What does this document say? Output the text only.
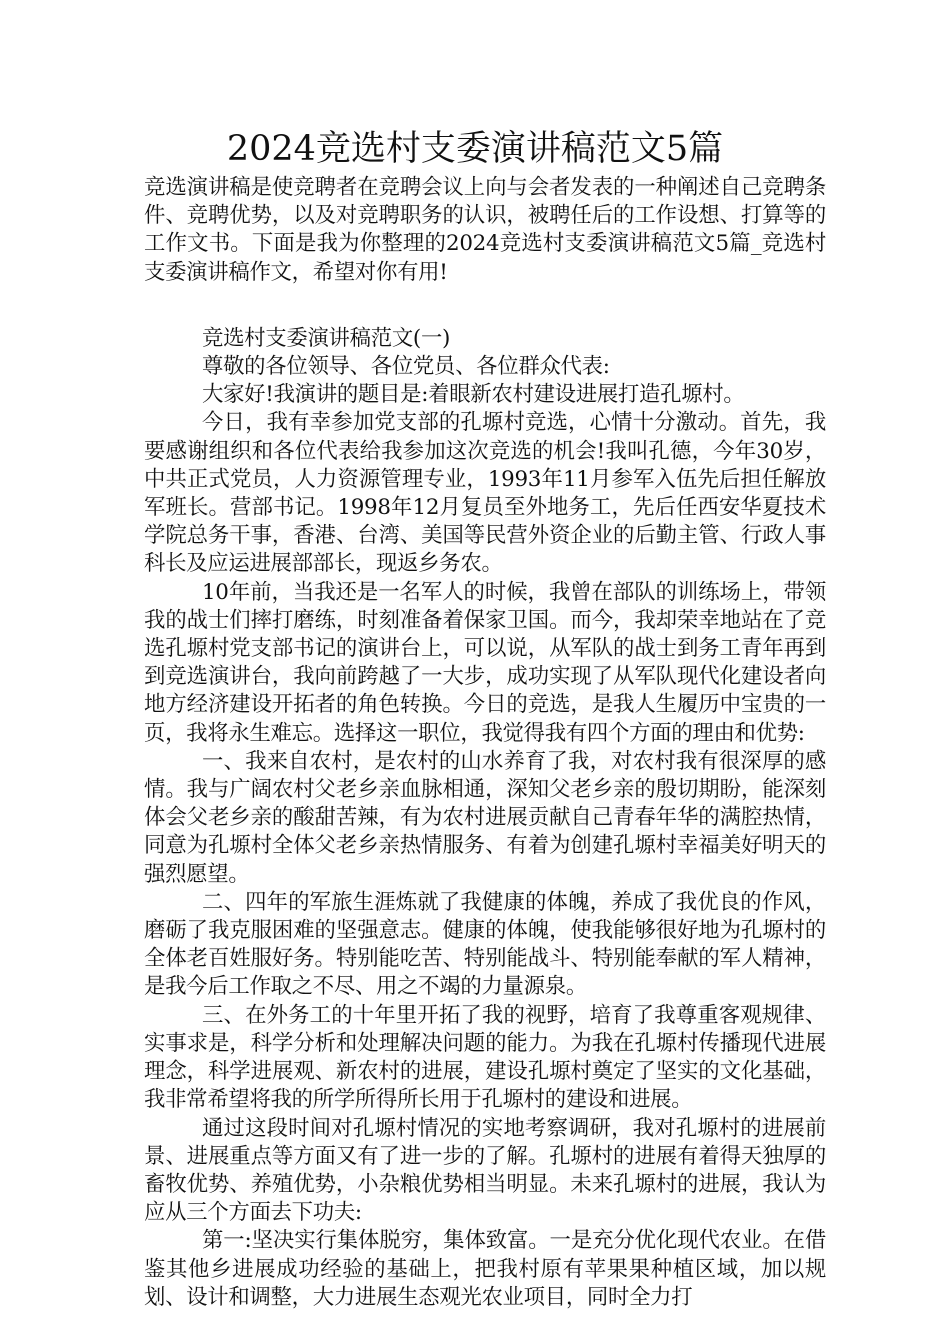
2024竞选村支委演讲稿范文5篇

竞选演讲稿是使竞聘者在竞聘会议上向与会者发表的一种阐述自己竞聘条件、竞聘优势，以及对竞聘职务的认识，被聘任后的工作设想、打算等的工作文书。下面是我为你整理的2024竞选村支委演讲稿范文5篇_竞选村支委演讲稿作文，希望对你有用!

竞选村支委演讲稿范文(一)

尊敬的各位领导、各位党员、各位群众代表:

大家好!我演讲的题目是:着眼新农村建设进展打造孔塬村。

今日，我有幸参加党支部的孔塬村竞选，心情十分激动。首先，我要感谢组织和各位代表给我参加这次竞选的机会!我叫孔德，今年30岁，中共正式党员，人力资源管理专业，1993年11月参军入伍先后担任解放军班长。营部书记。1998年12月复员至外地务工，先后任西安华夏技术学院总务干事，香港、台湾、美国等民营外资企业的后勤主管、行政人事科长及应运进展部部长，现返乡务农。

10年前，当我还是一名军人的时候，我曾在部队的训练场上，带领我的战士们摔打磨练，时刻准备着保家卫国。而今，我却荣幸地站在了竞选孔塬村党支部书记的演讲台上，可以说，从军队的战士到务工青年再到到竞选演讲台，我向前跨越了一大步，成功实现了从军队现代化建设者向地方经济建设开拓者的角色转换。今日的竞选，是我人生履历中宝贵的一页，我将永生难忘。选择这一职位，我觉得我有四个方面的理由和优势:

一、我来自农村，是农村的山水养育了我，对农村我有很深厚的感情。我与广阔农村父老乡亲血脉相通，深知父老乡亲的殷切期盼，能深刻体会父老乡亲的酸甜苦辣，有为农村进展贡献自己青春年华的满腔热情，同意为孔塬村全体父老乡亲热情服务、有着为创建孔塬村幸福美好明天的强烈愿望。

二、四年的军旅生涯炼就了我健康的体魄，养成了我优良的作风，磨砺了我克服困难的坚强意志。健康的体魄，使我能够很好地为孔塬村的全体老百姓服好务。特别能吃苦、特别能战斗、特别能奉献的军人精神，是我今后工作取之不尽、用之不竭的力量源泉。

三、在外务工的十年里开拓了我的视野，培育了我尊重客观规律、实事求是，科学分析和处理解决问题的能力。为我在孔塬村传播现代进展理念，科学进展观、新农村的进展，建设孔塬村奠定了坚实的文化基础，我非常希望将我的所学所得所长用于孔塬村的建设和进展。

通过这段时间对孔塬村情况的实地考察调研，我对孔塬村的进展前景、进展重点等方面又有了进一步的了解。孔塬村的进展有着得天独厚的畜牧优势、养殖优势，小杂粮优势相当明显。未来孔塬村的进展，我认为应从三个方面去下功夫:

第一:坚决实行集体脱穷，集体致富。一是充分优化现代农业。在借鉴其他乡进展成功经验的基础上，把我村原有苹果果种植区域，加以规划、设计和调整，大力进展生态观光农业项目，同时全力打
